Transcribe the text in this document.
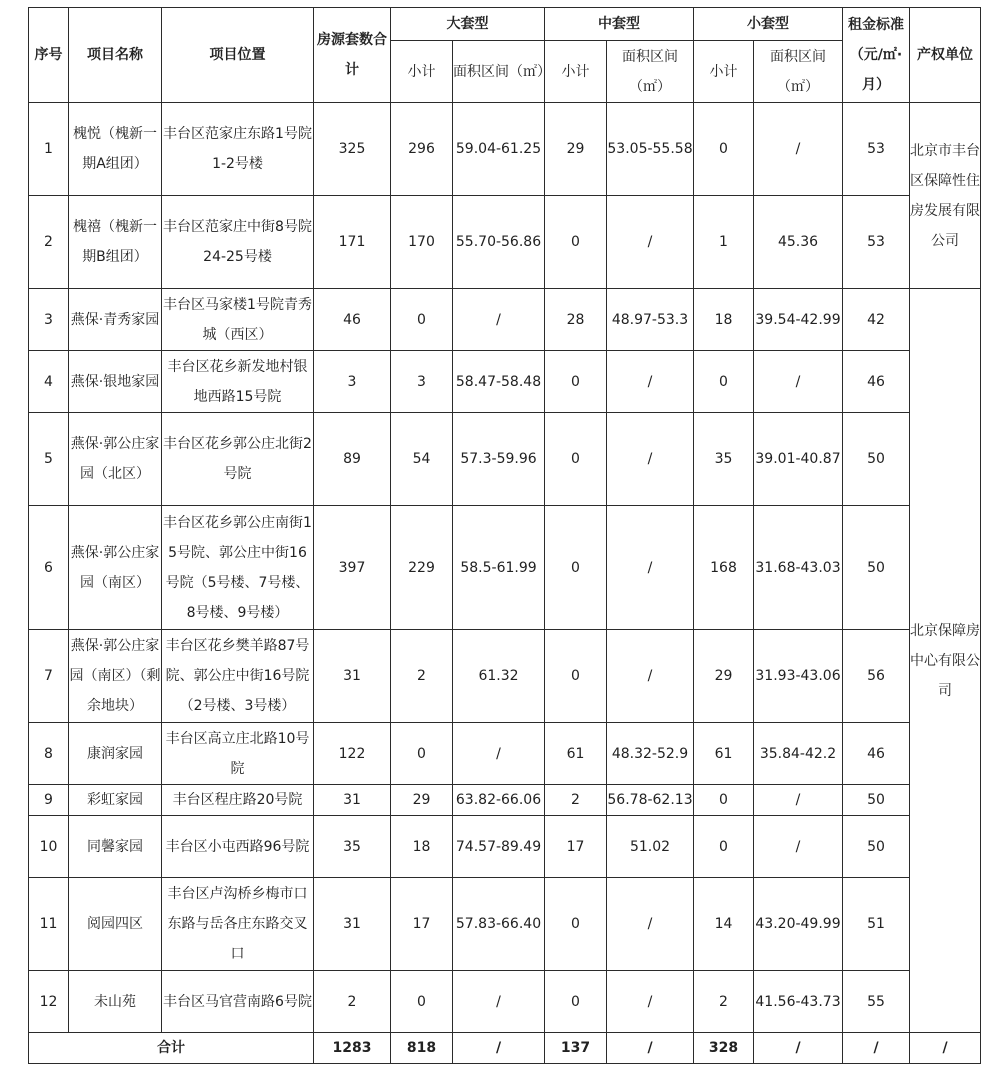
序号	项目名称	项目位置	房源套数合计	大套型		中套型		小套型		租金标准（元/㎡·月）	产权单位
				小计	面积区间（㎡）	小计	面积区间（㎡）	小计	面积区间（㎡）		
1	槐悦（槐新一期A组团）	丰台区范家庄东路1号院1-2号楼	325	296	59.04-61.25	29	53.05-55.58	0	/	53	北京市丰台区保障性住房发展有限公司
2	槐禧（槐新一期B组团）	丰台区范家庄中街8号院24-25号楼	171	170	55.70-56.86	0	/	1	45.36	53	
3	燕保·青秀家园	丰台区马家楼1号院青秀城（西区）	46	0	/	28	48.97-53.3	18	39.54-42.99	42	北京保障房中心有限公司
4	燕保·银地家园	丰台区花乡新发地村银地西路15号院	3	3	58.47-58.48	0	/	0	/	46	
5	燕保·郭公庄家园（北区）	丰台区花乡郭公庄北街2号院	89	54	57.3-59.96	0	/	35	39.01-40.87	50	
6	燕保·郭公庄家园（南区）	丰台区花乡郭公庄南街15号院、郭公庄中街16号院（5号楼、7号楼、8号楼、9号楼）	397	229	58.5-61.99	0	/	168	31.68-43.03	50	
7	燕保·郭公庄家园（南区）（剩余地块）	丰台区花乡樊羊路87号院、郭公庄中街16号院（2号楼、3号楼）	31	2	61.32	0	/	29	31.93-43.06	56	
8	康润家园	丰台区高立庄北路10号院	122	0	/	61	48.32-52.9	61	35.84-42.2	46	
9	彩虹家园	丰台区程庄路20号院	31	29	63.82-66.06	2	56.78-62.13	0	/	50	
10	同馨家园	丰台区小屯西路96号院	35	18	74.57-89.49	17	51.02	0	/	50	
11	阅园四区	丰台区卢沟桥乡梅市口东路与岳各庄东路交叉口	31	17	57.83-66.40	0	/	14	43.20-49.99	51	
12	未山苑	丰台区马官营南路6号院	2	0	/	0	/	2	41.56-43.73	55	
合计			1283	818	/	137	/	328	/	/	/
